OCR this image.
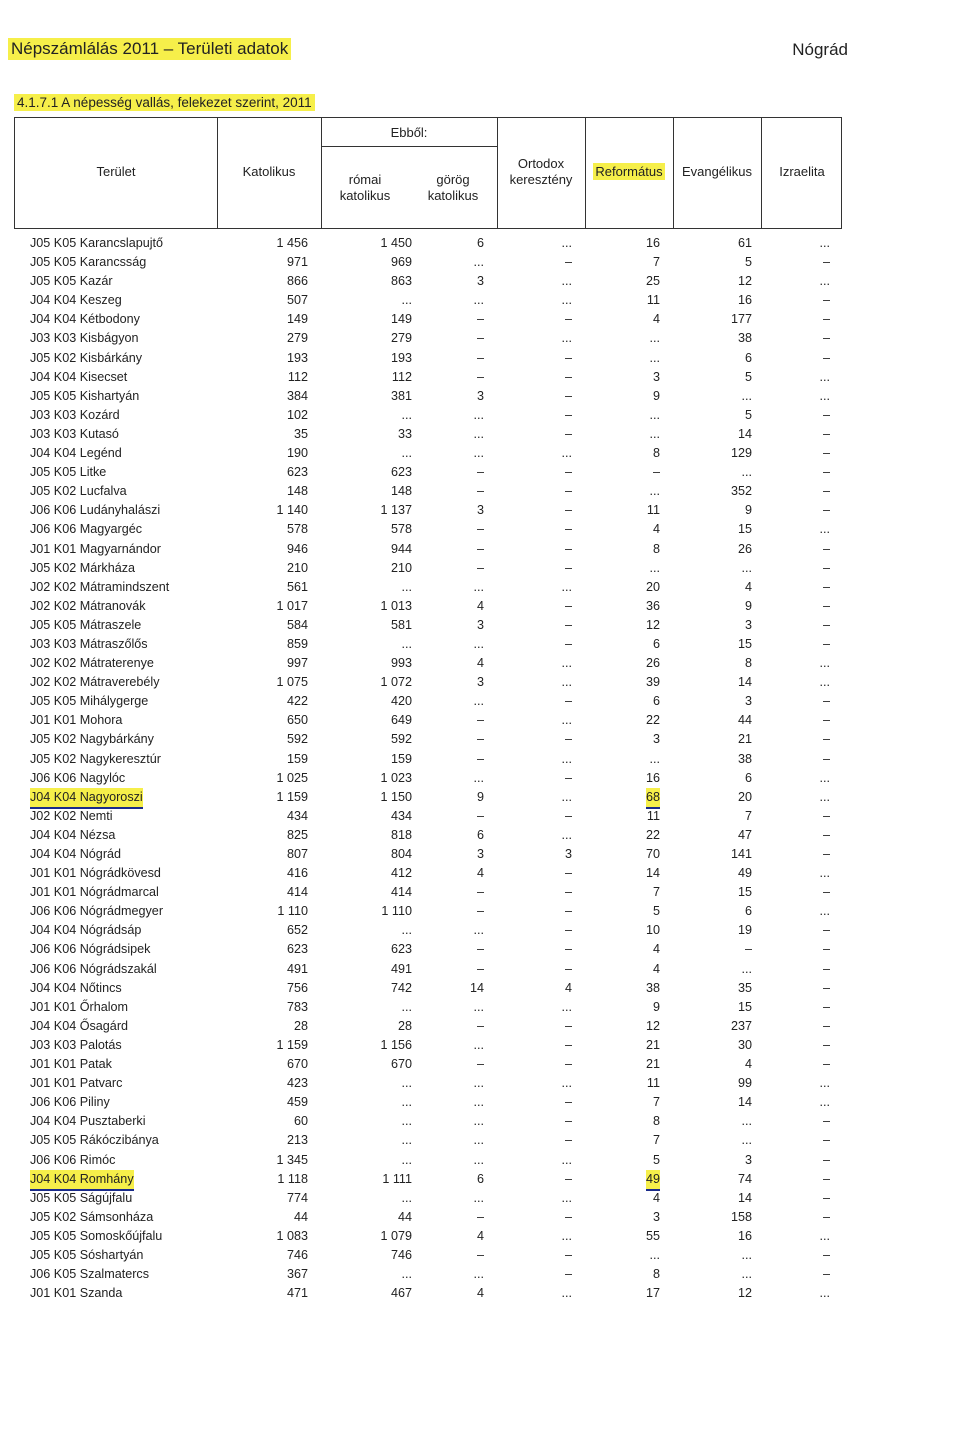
Népszámlálás 2011 – Területi adatok	Nógrád
4.1.7.1 A népesség vallás, felekezet szerint, 2011
Terület	Katolikus
Ebből:
római
katolikus
görög
katolikus
Ortodox
keresztény
Református	Evangélikus	Izraelita
J05 K05 Karancslapujtő	1 456	1 450	6	...	16	61	...
J05 K05 Karancsság	971	969	...	–	7	5	–
J05 K05 Kazár	866	863	3	...	25	12	...
J04 K04 Keszeg	507	...	...	...	11	16	–
J04 K04 Kétbodony	149	149	–	–	4	177	–
J03 K03 Kisbágyon	279	279	–	...	...	38	–
J05 K02 Kisbárkány	193	193	–	–	...	6	–
J04 K04 Kisecset	112	112	–	–	3	5	...
J05 K05 Kishartyán	384	381	3	–	9	...	...
J03 K03 Kozárd	102	...	...	–	...	5	–
J03 K03 Kutasó	35	33	...	–	...	14	–
J04 K04 Legénd	190	...	...	...	8	129	–
J05 K05 Litke	623	623	–	–	–	...	–
J05 K02 Lucfalva	148	148	–	–	...	352	–
J06 K06 Ludányhalászi	1 140	1 137	3	–	11	9	–
J06 K06 Magyargéc	578	578	–	–	4	15	...
J01 K01 Magyarnándor	946	944	–	–	8	26	–
J05 K02 Márkháza	210	210	–	–	...	...	–
J02 K02 Mátramindszent	561	...	...	...	20	4	–
J02 K02 Mátranovák	1 017	1 013	4	–	36	9	–
J05 K05 Mátraszele	584	581	3	–	12	3	–
J03 K03 Mátraszőlős	859	...	...	–	6	15	–
J02 K02 Mátraterenye	997	993	4	...	26	8	...
J02 K02 Mátraverebély	1 075	1 072	3	...	39	14	...
J05 K05 Mihálygerge	422	420	...	–	6	3	–
J01 K01 Mohora	650	649	–	...	22	44	–
J05 K02 Nagybárkány	592	592	–	–	3	21	–
J05 K02 Nagykeresztúr	159	159	–	...	...	38	–
J06 K06 Nagylóc	1 025	1 023	...	–	16	6	...
J04 K04 Nagyoroszi	1 159	1 150	9	...	68	20	...
J02 K02 Nemti	434	434	–	–	11	7	–
J04 K04 Nézsa	825	818	6	...	22	47	–
J04 K04 Nógrád	807	804	3	3	70	141	–
J01 K01 Nógrádkövesd	416	412	4	–	14	49	...
J01 K01 Nógrádmarcal	414	414	–	–	7	15	–
J06 K06 Nógrádmegyer	1 110	1 110	–	–	5	6	...
J04 K04 Nógrádsáp	652	...	...	–	10	19	–
J06 K06 Nógrádsipek	623	623	–	–	4	–	–
J06 K06 Nógrádszakál	491	491	–	–	4	...	–
J04 K04 Nőtincs	756	742	14	4	38	35	–
J01 K01 Őrhalom	783	...	...	...	9	15	–
J04 K04 Ősagárd	28	28	–	–	12	237	–
J03 K03 Palotás	1 159	1 156	...	–	21	30	–
J01 K01 Patak	670	670	–	–	21	4	–
J01 K01 Patvarc	423	...	...	...	11	99	...
J06 K06 Piliny	459	...	...	–	7	14	...
J04 K04 Pusztaberki	60	...	...	–	8	...	–
J05 K05 Rákóczibánya	213	...	...	–	7	...	–
J06 K06 Rimóc	1 345	...	...	...	5	3	–
J04 K04 Romhány	1 118	1 111	6	–	49	74	–
J05 K05 Ságújfalu	774	...	...	...	4	14	–
J05 K02 Sámsonháza	44	44	–	–	3	158	–
J05 K05 Somoskőújfalu	1 083	1 079	4	...	55	16	...
J05 K05 Sóshartyán	746	746	–	–	...	...	–
J06 K05 Szalmatercs	367	...	...	–	8	...	–
J01 K01 Szanda	471	467	4	...	17	12	...
